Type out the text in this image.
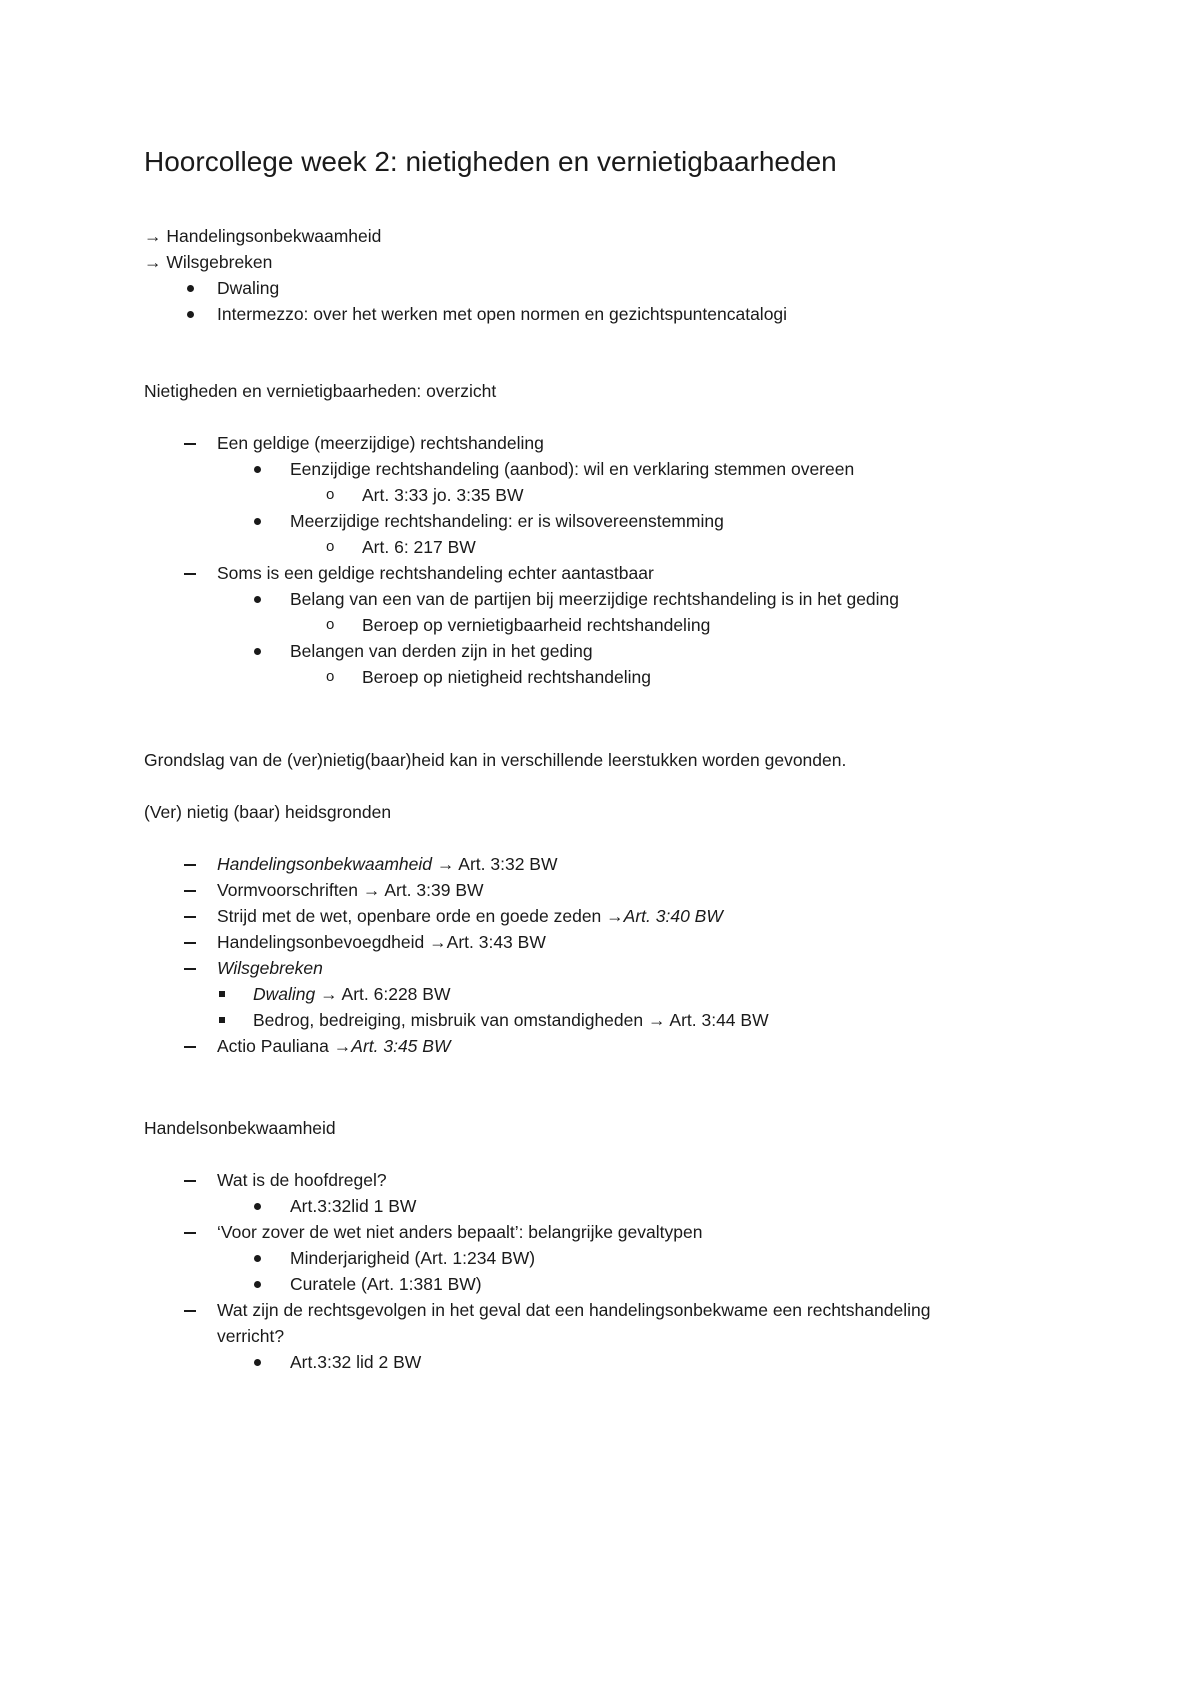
Hoorcollege week 2: nietigheden en vernietigbaarheden
→ Handelingsonbekwaamheid
→ Wilsgebreken
Dwaling
Intermezzo: over het werken met open normen en gezichtspuntencatalogi
Nietigheden en vernietigbaarheden: overzicht
Een geldige (meerzijdige) rechtshandeling
Eenzijdige rechtshandeling (aanbod): wil en verklaring stemmen overeen
o Art. 3:33 jo. 3:35 BW
Meerzijdige rechtshandeling: er is wilsovereenstemming
o Art. 6: 217 BW
Soms is een geldige rechtshandeling echter aantastbaar
Belang van een van de partijen bij meerzijdige rechtshandeling is in het geding
o Beroep op vernietigbaarheid rechtshandeling
Belangen van derden zijn in het geding
o Beroep op nietigheid rechtshandeling
Grondslag van de (ver)nietig(baar)heid kan in verschillende leerstukken worden gevonden.
(Ver) nietig (baar) heidsgronden
Handelingsonbekwaamheid → Art. 3:32 BW
Vormvoorschriften → Art. 3:39 BW
Strijd met de wet, openbare orde en goede zeden →Art. 3:40 BW
Handelingsonbevoegdheid →Art. 3:43 BW
Wilsgebreken
Dwaling → Art. 6:228 BW
Bedrog, bedreiging, misbruik van omstandigheden → Art. 3:44 BW
Actio Pauliana →Art. 3:45 BW
Handelsonbekwaamheid
Wat is de hoofdregel?
Art.3:32lid 1 BW
‘Voor zover de wet niet anders bepaalt’: belangrijke gevaltypen
Minderjarigheid (Art. 1:234 BW)
Curatele (Art. 1:381 BW)
Wat zijn de rechtsgevolgen in het geval dat een handelingsonbekwame een rechtshandeling
verricht?
Art.3:32 lid 2 BW
